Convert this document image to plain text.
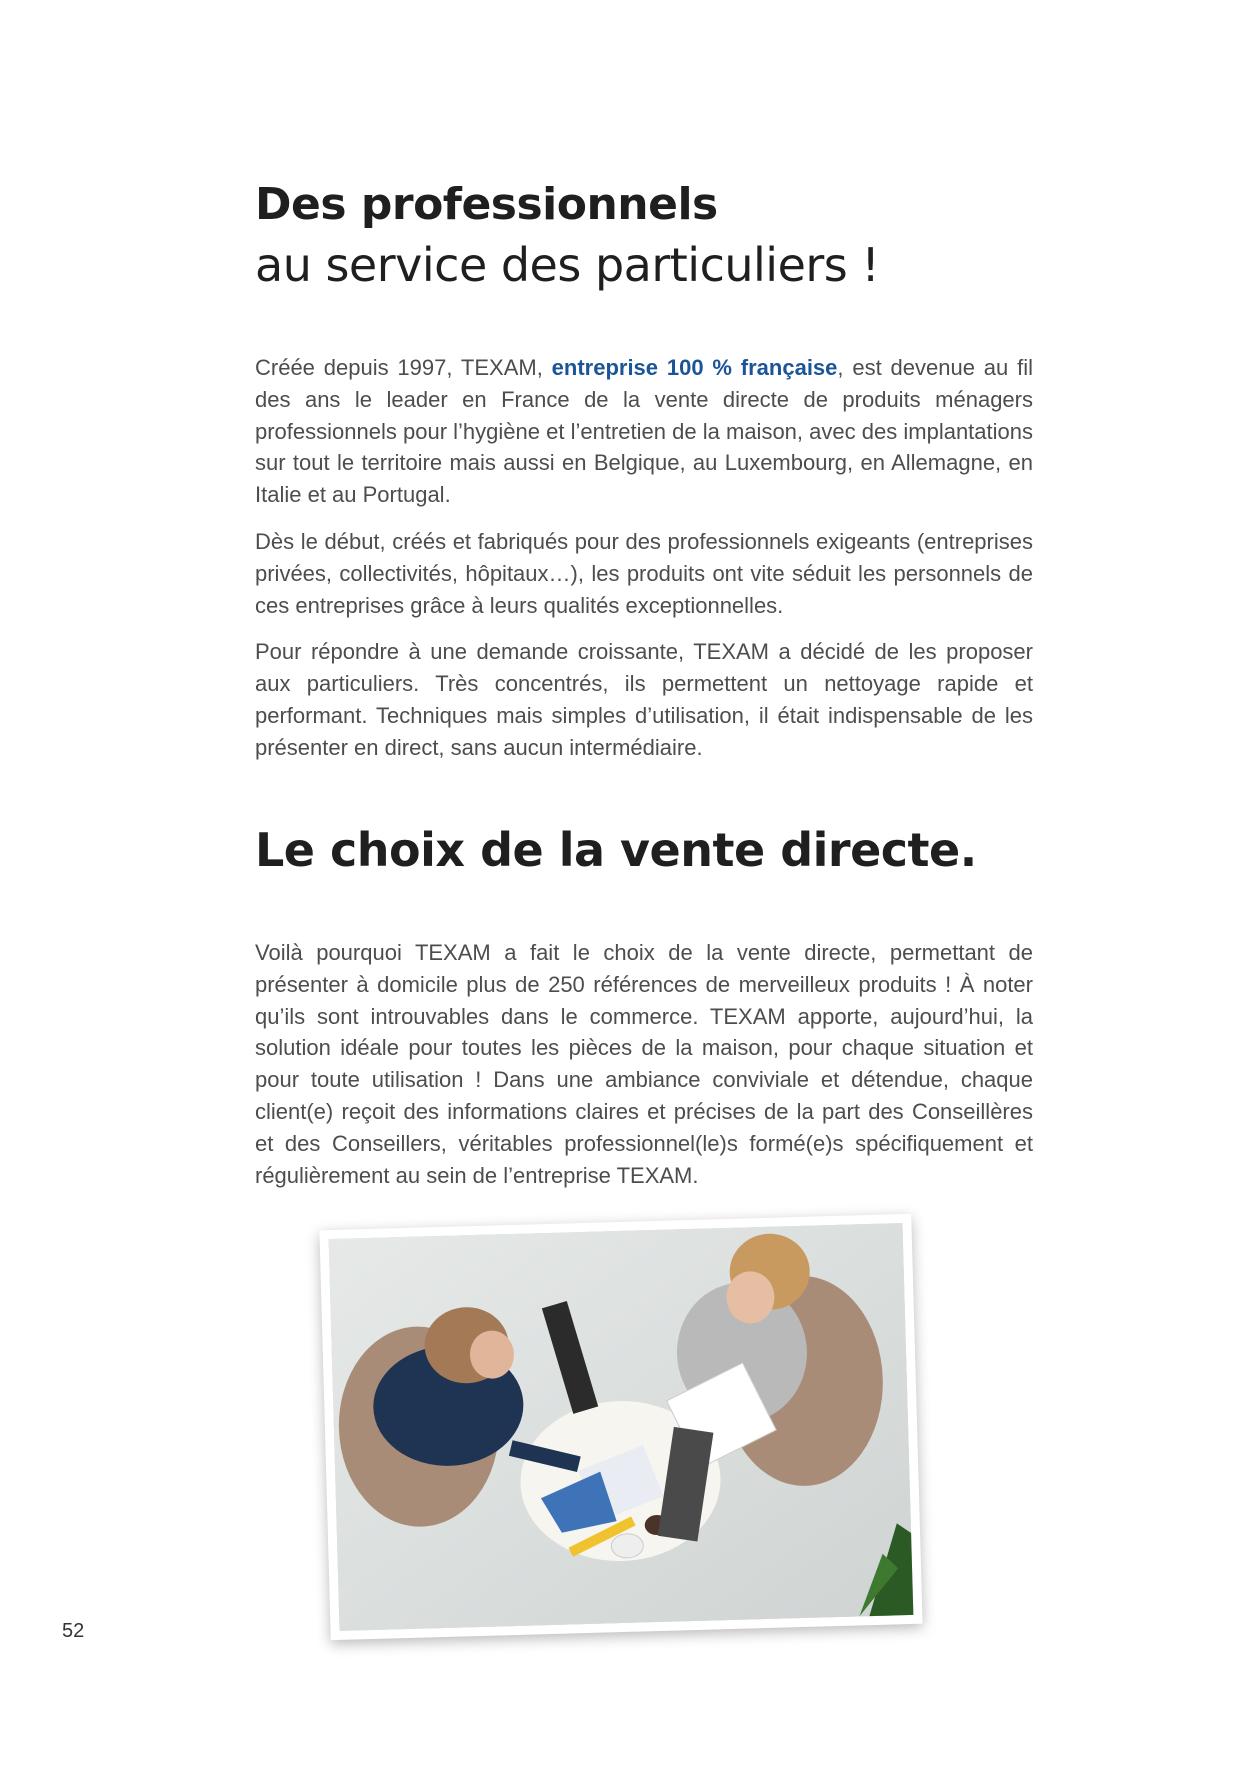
Des professionnels
au service des particuliers !

Créée depuis 1997, TEXAM, entreprise 100 % française, est devenue au fil des ans le leader en France de la vente directe de produits ménagers professionnels pour l’hygiène et l’entretien de la maison, avec des implantations sur tout le territoire mais aussi en Belgique, au Luxembourg, en Allemagne, en Italie et au Portugal.

Dès le début, créés et fabriqués pour des professionnels exigeants (entreprises privées, collectivités, hôpitaux…), les produits ont vite séduit les personnels de ces entreprises grâce à leurs qualités exceptionnelles.

Pour répondre à une demande croissante, TEXAM a décidé de les proposer aux particuliers. Très concentrés, ils permettent un nettoyage rapide et performant. Techniques mais simples d’utilisation, il était indispensable de les présenter en direct, sans aucun intermédiaire.

Le choix de la vente directe.

Voilà pourquoi TEXAM a fait le choix de la vente directe, permettant de présenter à domicile plus de 250 références de merveilleux produits ! À noter qu’ils sont introuvables dans le commerce. TEXAM apporte, aujourd’hui, la solution idéale pour toutes les pièces de la maison, pour chaque situation et pour toute utilisation ! Dans une ambiance conviviale et détendue, chaque client(e) reçoit des informations claires et précises de la part des Conseillères et des Conseillers, véritables professionnel(le)s formé(e)s spécifiquement et régulièrement au sein de l’entreprise TEXAM.

52
